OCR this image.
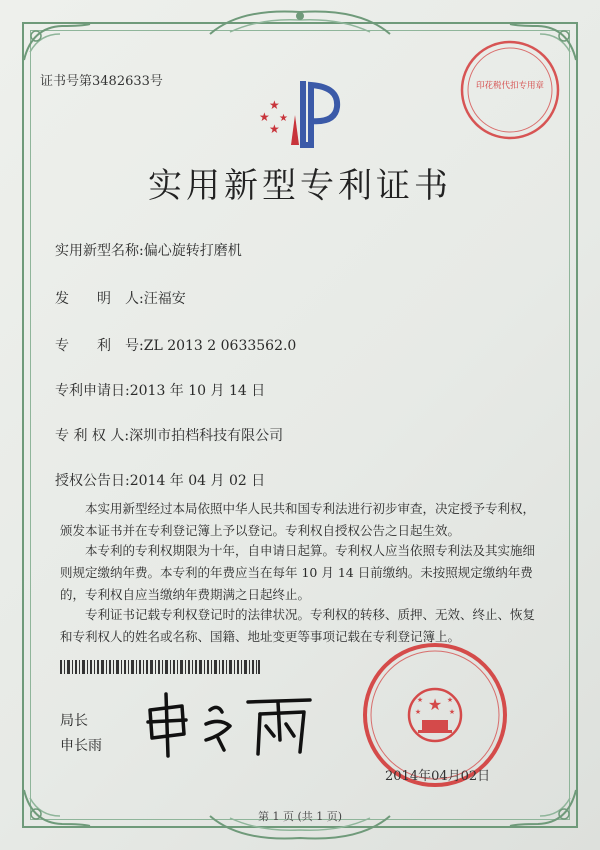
证书号第3482633号
★
★
★
★
印花税代扣专用章
实用新型专利证书
实用新型名称:偏心旋转打磨机
发　　明　人:汪福安
专　　利　号:ZL 2013 2 0633562.0
专利申请日:2013 年 10 月 14 日
专 利 权 人:深圳市拍档科技有限公司
授权公告日:2014 年 04 月 02 日
本实用新型经过本局依照中华人民共和国专利法进行初步审查，决定授予专利权，颁发本证书并在专利登记簿上予以登记。专利权自授权公告之日起生效。
本专利的专利权期限为十年，自申请日起算。专利权人应当依照专利法及其实施细则规定缴纳年费。本专利的年费应当在每年 10 月 14 日前缴纳。未按照规定缴纳年费的，专利权自应当缴纳年费期满之日起终止。
专利证书记载专利权登记时的法律状况。专利权的转移、质押、无效、终止、恢复和专利权人的姓名或名称、国籍、地址变更等事项记载在专利登记簿上。
局长
申长雨
★
★	★
★	★
2014年04月02日
第 1 页 (共 1 页)
